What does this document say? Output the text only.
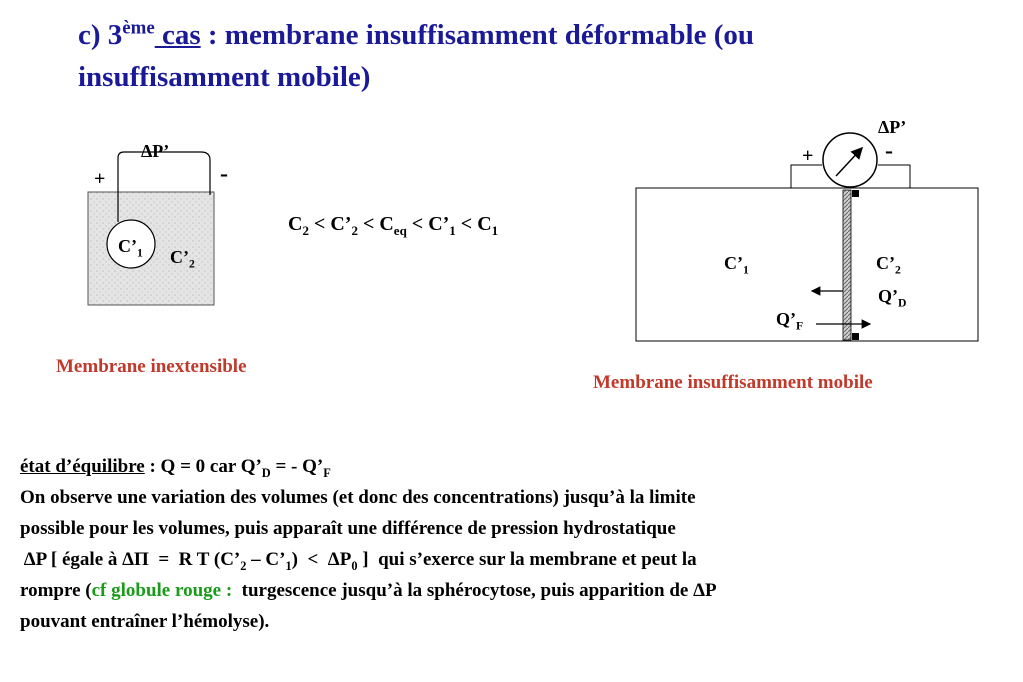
c) 3ème cas : membrane insuffisamment déformable (ou
insuffisamment mobile)
ΔP’
+	-
$C’_1$ $C’_2$
Membrane inextensible
$C_2$ < $C’_2 < C_{eq}$ < $C’_1 < C_1$
ΔP’
+	-
$C’_1$	$C’_2$
$Q’_D$
$Q’_F$
Membrane insuffisamment mobile
état d’équilibre : Q = 0 car $Q’_D$ = - $Q’_F$
On observe une variation des volumes (et donc des concentrations) jusqu’à la limite
possible pour les volumes, puis apparaît une différence de pression hydrostatique
ΔP [ égale à ΔΠ  =  R T ($C’_2$ – $C’_1) < \Delta P_0$ ]  qui s’exerce sur la membrane et peut la
rompre (cf globule rouge :  turgescence jusqu’à la sphérocytose, puis apparition de ΔP
pouvant entraîner l’hémolyse).
